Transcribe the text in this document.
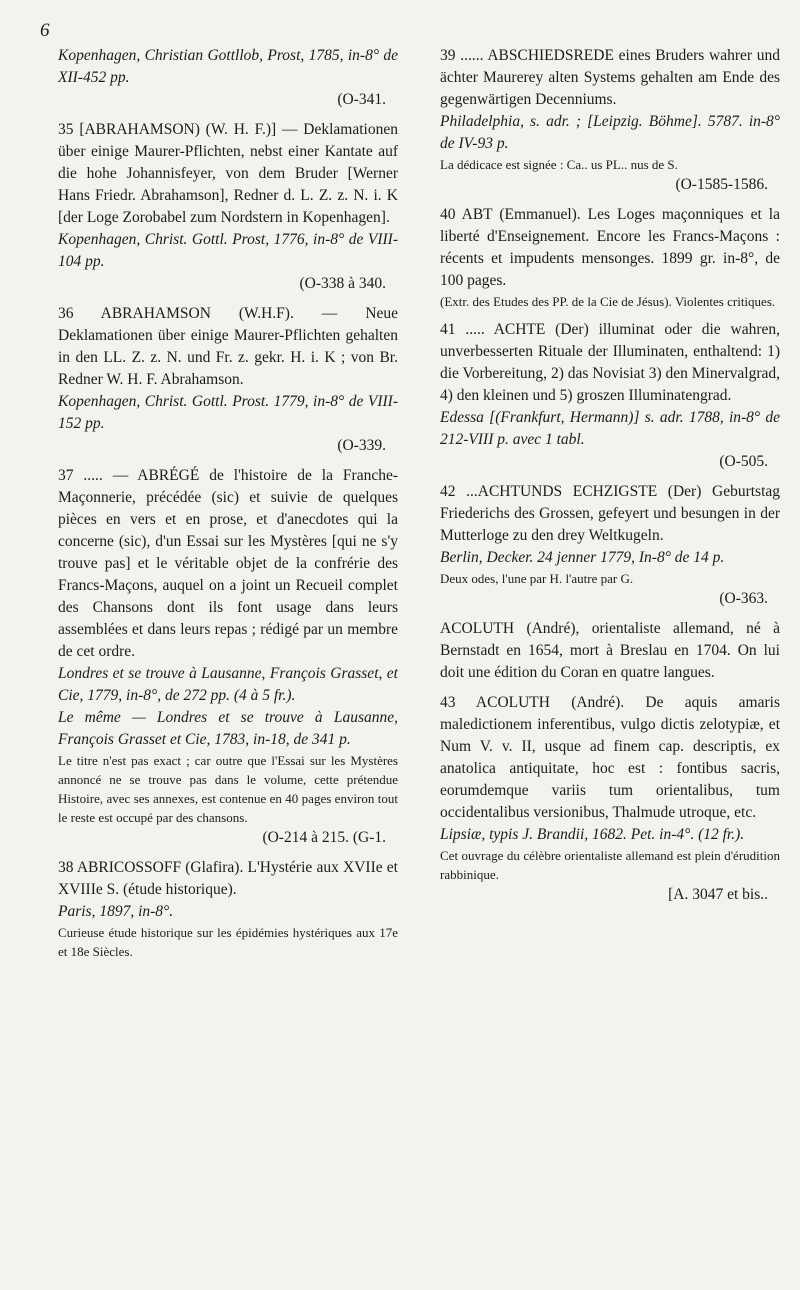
6

Kopenhagen, Christian Gottllob, Prost, 1785, in-8° de XII-452 pp.

(O-341.

35 [ABRAHAMSON) (W. H. F.)] — Deklamationen über einige Maurer-Pflichten, nebst einer Kantate auf die hohe Johannisfeyer, von dem Bruder [Werner Hans Friedr. Abrahamson], Redner d. L. Z. z. N. i. K [der Loge Zorobabel zum Nordstern in Kopenhagen].

Kopenhagen, Christ. Gottl. Prost, 1776, in-8° de VIII-104 pp.

(O-338 à 340.

36 ABRAHAMSON (W.H.F). — Neue Deklamationen über einige Maurer-Pflichten gehalten in den LL. Z. z. N. und Fr. z. gekr. H. i. K ; von Br. Redner W. H. F. Abrahamson.

Kopenhagen, Christ. Gottl. Prost. 1779, in-8° de VIII-152 pp.

(O-339.

37 ..... — ABRÉGÉ de l'histoire de la Franche-Maçonnerie, précédée (sic) et suivie de quelques pièces en vers et en prose, et d'anecdotes qui la concerne (sic), d'un Essai sur les Mystères [qui ne s'y trouve pas] et le véritable objet de la confrérie des Francs-Maçons, auquel on a joint un Recueil complet des Chansons dont ils font usage dans leurs assemblées et dans leurs repas ; rédigé par un membre de cet ordre.

Londres et se trouve à Lausanne, François Grasset, et Cie, 1779, in-8°, de 272 pp. (4 à 5 fr.).

Le même — Londres et se trouve à Lausanne, François Grasset et Cie, 1783, in-18, de 341 p.

Le titre n'est pas exact ; car outre que l'Essai sur les Mystères annoncé ne se trouve pas dans le volume, cette prétendue Histoire, avec ses annexes, est contenue en 40 pages environ tout le reste est occupé par des chansons.

(O-214 à 215. (G-1.

38 ABRICOSSOFF (Glafira). L'Hystérie aux XVIIe et XVIIIe S. (étude historique).

Paris, 1897, in-8°.

Curieuse étude historique sur les épidémies hystériques aux 17e et 18e Siècles.

39 ...... ABSCHIEDSREDE eines Bruders wahrer und ächter Maurerey alten Systems gehalten am Ende des gegenwärtigen Decenniums.

Philadelphia, s. adr. ; [Leipzig. Böhme]. 5787. in-8° de IV-93 p.

La dédicace est signée : Ca.. us PL.. nus de S.

(O-1585-1586.

40 ABT (Emmanuel). Les Loges maçonniques et la liberté d'Enseignement. Encore les Francs-Maçons : récents et impudents mensonges. 1899 gr. in-8°, de 100 pages.

(Extr. des Etudes des PP. de la Cie de Jésus). Violentes critiques.

41 ..... ACHTE (Der) illuminat oder die wahren, unverbesserten Rituale der Illuminaten, enthaltend: 1) die Vorbereitung, 2) das Novisiat 3) den Minervalgrad, 4) den kleinen und 5) groszen Illuminatengrad.

Edessa [(Frankfurt, Hermann)] s. adr. 1788, in-8° de 212-VIII p. avec 1 tabl.

(O-505.

42 ...ACHTUNDS ECHZIGSTE (Der) Geburtstag Friederichs des Grossen, gefeyert und besungen in der Mutterloge zu den drey Weltkugeln.

Berlin, Decker. 24 jenner 1779, In-8° de 14 p.

Deux odes, l'une par H. l'autre par G.

(O-363.

ACOLUTH (André), orientaliste allemand, né à Bernstadt en 1654, mort à Breslau en 1704. On lui doit une édition du Coran en quatre langues.

43 ACOLUTH (André). De aquis amaris maledictionem inferentibus, vulgo dictis zelotypiæ, et Num V. v. II, usque ad finem cap. descriptis, ex anatolica antiquitate, hoc est : fontibus sacris, eorumdemque variis tum orientalibus, tum occidentalibus versionibus, Thalmude utroque, etc.

Lipsiæ, typis J. Brandii, 1682. Pet. in-4°. (12 fr.).

Cet ouvrage du célèbre orientaliste allemand est plein d'érudition rabbinique.

[A. 3047 et bis..
